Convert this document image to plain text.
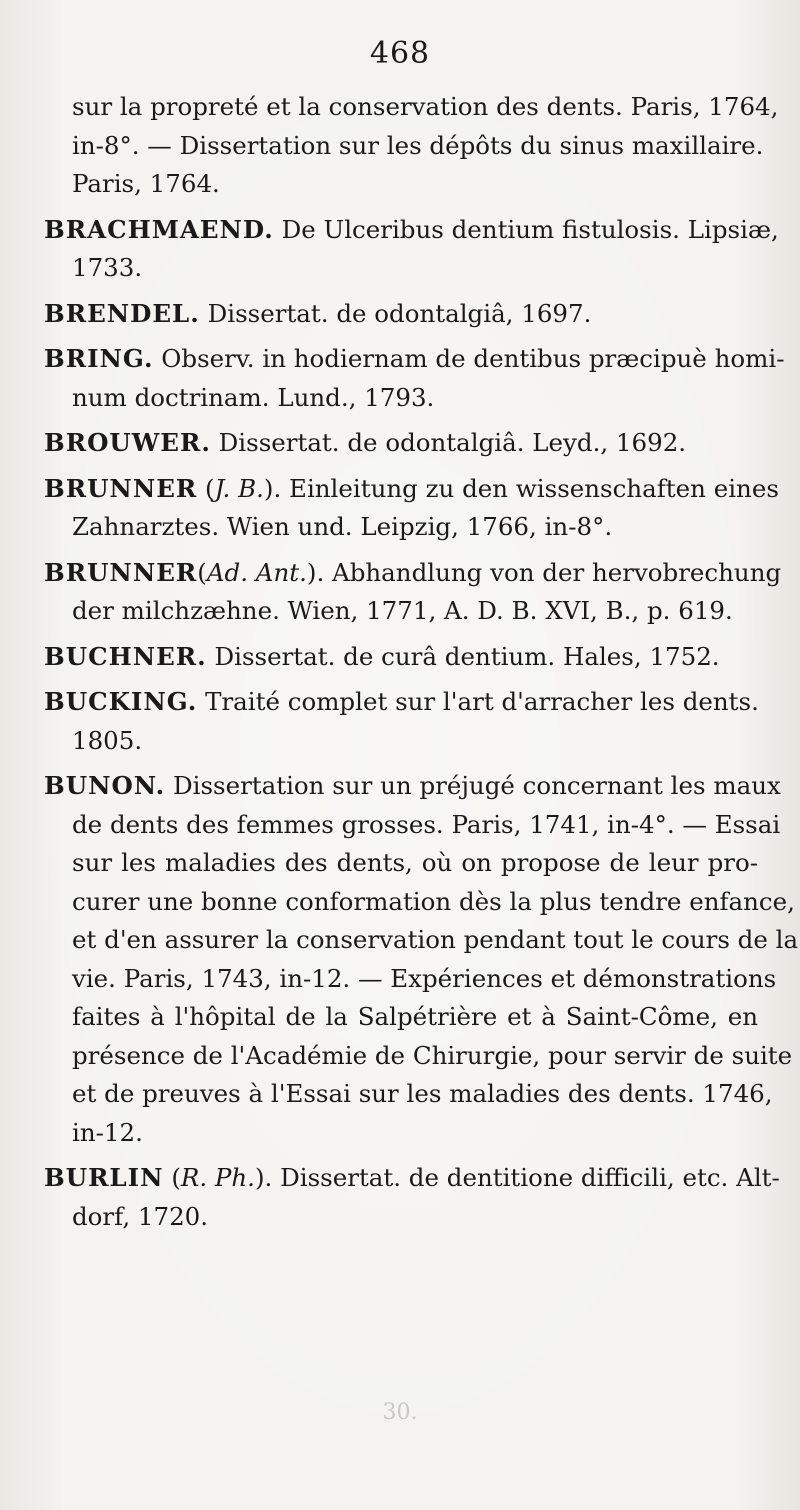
468
sur la propreté et la conservation des dents. Paris, 1764,
in-8°. — Dissertation sur les dépôts du sinus maxillaire.
Paris, 1764.
BRACHMAEND. De Ulceribus dentium fistulosis. Lipsiæ,
1733.
BRENDEL. Dissertat. de odontalgiâ, 1697.
BRING. Observ. in hodiernam de dentibus præcipuè homi-
num doctrinam. Lund., 1793.
BROUWER. Dissertat. de odontalgiâ. Leyd., 1692.
BRUNNER (J. B.). Einleitung zu den wissenschaften eines
Zahnarztes. Wien und. Leipzig, 1766, in-8°.
BRUNNER(Ad. Ant.). Abhandlung von der hervobrechung
der milchzæhne. Wien, 1771, A. D. B. XVI, B., p. 619.
BUCHNER. Dissertat. de curâ dentium. Hales, 1752.
BUCKING. Traité complet sur l'art d'arracher les dents.
1805.
BUNON. Dissertation sur un préjugé concernant les maux
de dents des femmes grosses. Paris, 1741, in-4°. — Essai
sur les maladies des dents, où on propose de leur pro-
curer une bonne conformation dès la plus tendre enfance,
et d'en assurer la conservation pendant tout le cours de la
vie. Paris, 1743, in-12. — Expériences et démonstrations
faites à l'hôpital de la Salpétrière et à Saint-Côme, en
présence de l'Académie de Chirurgie, pour servir de suite
et de preuves à l'Essai sur les maladies des dents. 1746,
in-12.
BURLIN (R. Ph.). Dissertat. de dentitione difficili, etc. Alt-
dorf, 1720.
30.
